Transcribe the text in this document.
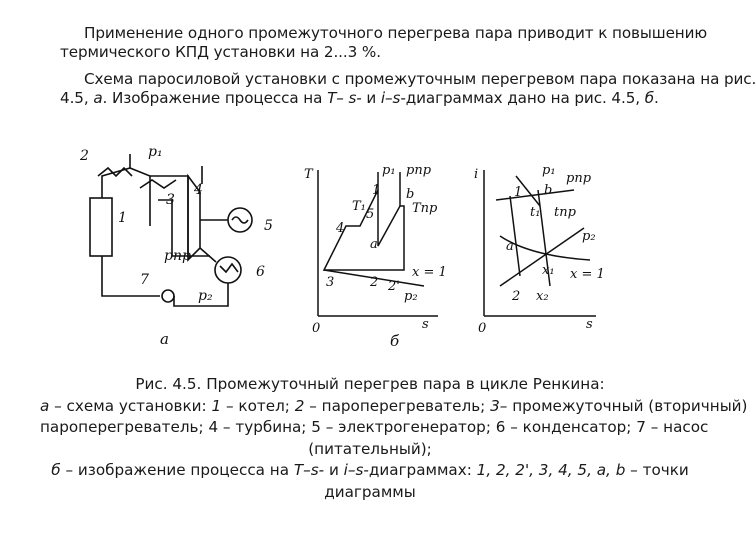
Применение одного промежуточного перегрева пара приводит к повышению
термического КПД установки на 2...3 %.
Схема паросиловой установки с промежуточным перегревом пара показана на рис.
4.5, а. Изображение процесса на T– s- и i–s-диаграммах дано на рис. 4.5, б.
2	p₁
1
3
4
5
6
7
p₂
pпр
а
T
s
0
p₁ pпр
1 b
T₁	Tпр
5
4
a
3	2 2'
x = 1
p₂
б
i
s
0
p₁
pпр
1 b
t₁ tпр
a
p₂
x = 1
x₁
2 x₂
Рис. 4.5. Промежуточный перегрев пара в цикле Ренкина:
а – схема установки: 1 – котел; 2 – пароперегреватель; 3– промежуточный (вторичный)
пароперегреватель; 4 – турбина; 5 – электрогенератор; 6 – конденсатор; 7 – насос
(питательный);
б – изображение процесса на T–s- и i–s-диаграммах: 1, 2, 2', 3, 4, 5, a, b – точки
диаграммы
